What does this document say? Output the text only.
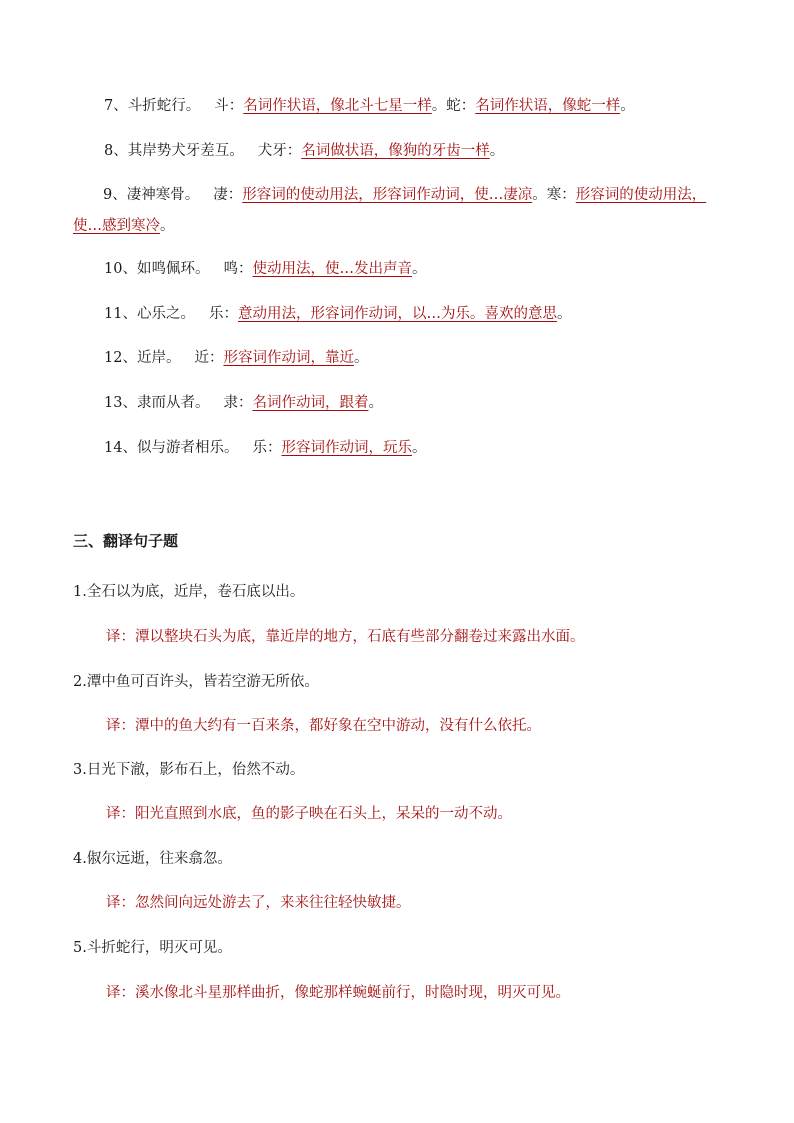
7、斗折蛇行。 斗：名词作状语，像北斗七星一样。蛇：名词作状语，像蛇一样。
8、其岸势犬牙差互。 犬牙：名词做状语，像狗的牙齿一样。
9、凄神寒骨。 凄：形容词的使动用法，形容词作动词，使…凄凉。寒：形容词的使动用法，使…感到寒冷。
10、如鸣佩环。 鸣：使动用法，使…发出声音。
11、心乐之。 乐：意动用法，形容词作动词，以…为乐。喜欢的意思。
12、近岸。 近：形容词作动词，靠近。
13、隶而从者。 隶：名词作动词，跟着。
14、似与游者相乐。 乐：形容词作动词，玩乐。
三、翻译句子题
1.全石以为底，近岸，卷石底以出。
译：潭以整块石头为底，靠近岸的地方，石底有些部分翻卷过来露出水面。
2.潭中鱼可百许头，皆若空游无所依。
译：潭中的鱼大约有一百来条，都好象在空中游动，没有什么依托。
3.日光下澈，影布石上，佁然不动。
译：阳光直照到水底，鱼的影子映在石头上，呆呆的一动不动。
4.俶尔远逝，往来翕忽。
译：忽然间向远处游去了，来来往往轻快敏捷。
5.斗折蛇行，明灭可见。
译：溪水像北斗星那样曲折，像蛇那样蜿蜒前行，时隐时现，明灭可见。
